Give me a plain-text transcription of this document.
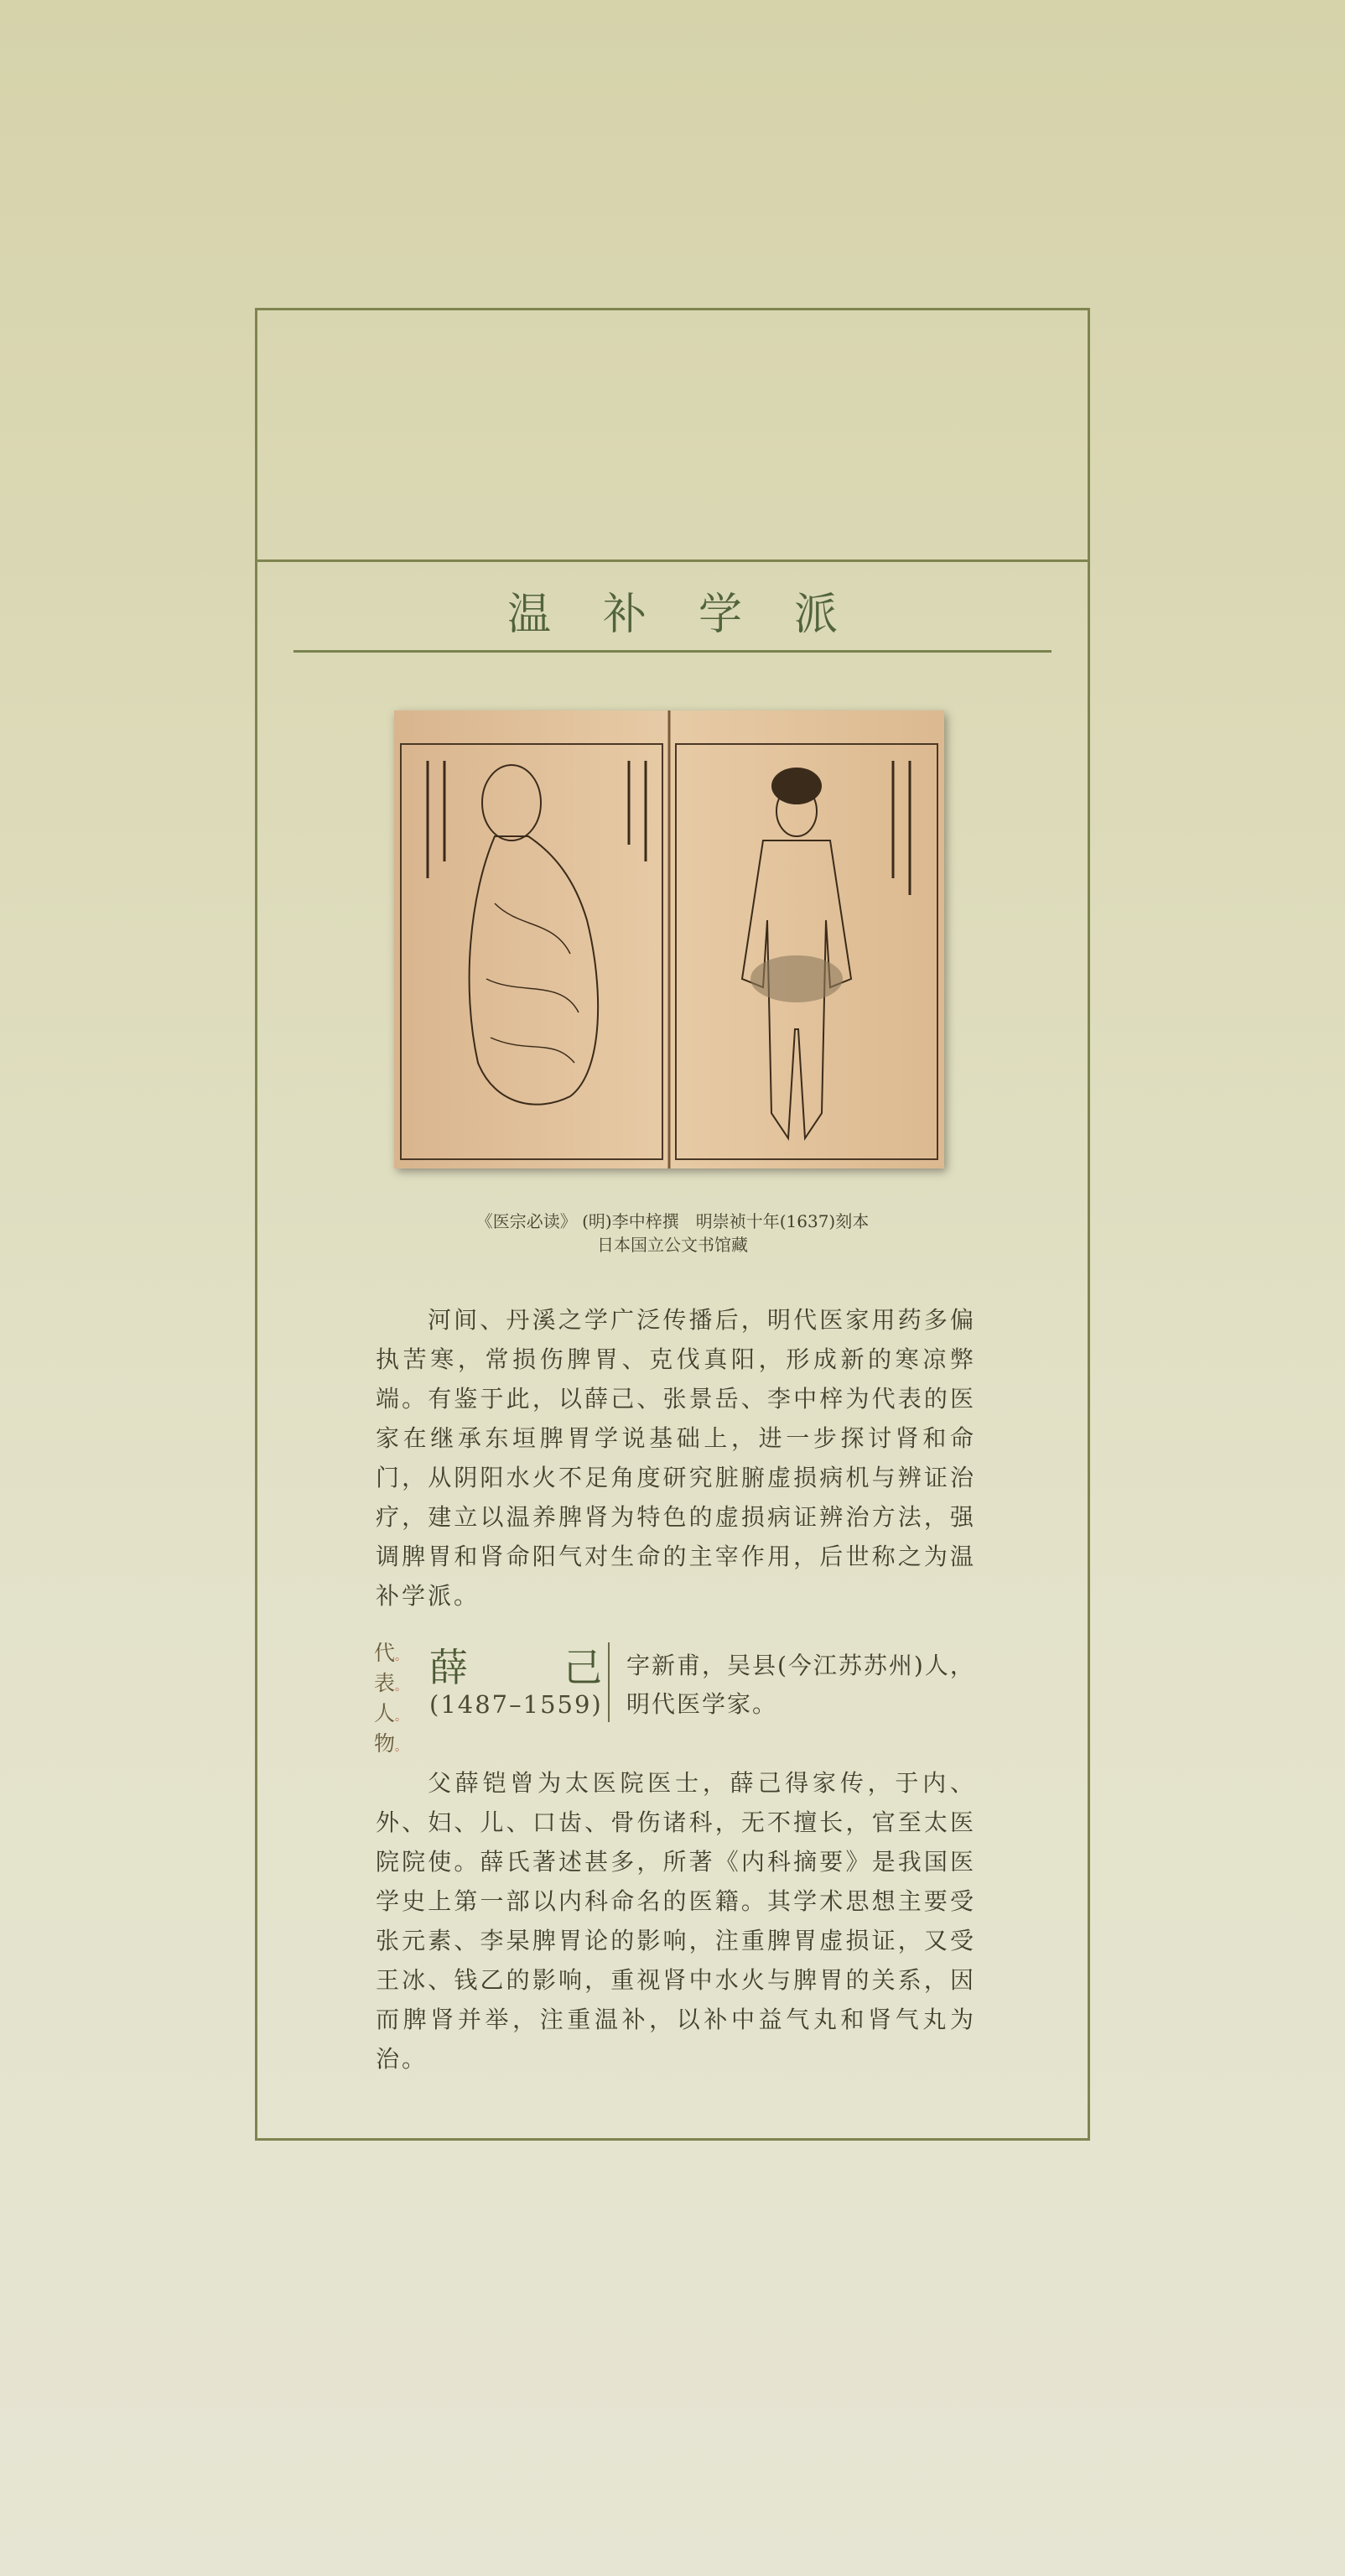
温补学派
《医宗必读》 (明)李中梓撰　明崇祯十年(1637)刻本
日本国立公文书馆藏
河间、丹溪之学广泛传播后，明代医家用药多偏执苦寒，常损伤脾胃、克伐真阳，形成新的寒凉弊端。有鉴于此，以薛己、张景岳、李中梓为代表的医家在继承东垣脾胃学说基础上，进一步探讨肾和命门，从阴阳水火不足角度研究脏腑虚损病机与辨证治疗，建立以温养脾肾为特色的虚损病证辨治方法，强调脾胃和肾命阳气对生命的主宰作用，后世称之为温补学派。
代。
表。
人。
物。
薛 己
(1487–1559)
字新甫，吴县(今江苏苏州)人，
明代医学家。
父薛铠曾为太医院医士，薛己得家传，于内、外、妇、儿、口齿、骨伤诸科，无不擅长，官至太医院院使。薛氏著述甚多，所著《内科摘要》是我国医学史上第一部以内科命名的医籍。其学术思想主要受张元素、李杲脾胃论的影响，注重脾胃虚损证，又受王冰、钱乙的影响，重视肾中水火与脾胃的关系，因而脾肾并举，注重温补，以补中益气丸和肾气丸为治。
